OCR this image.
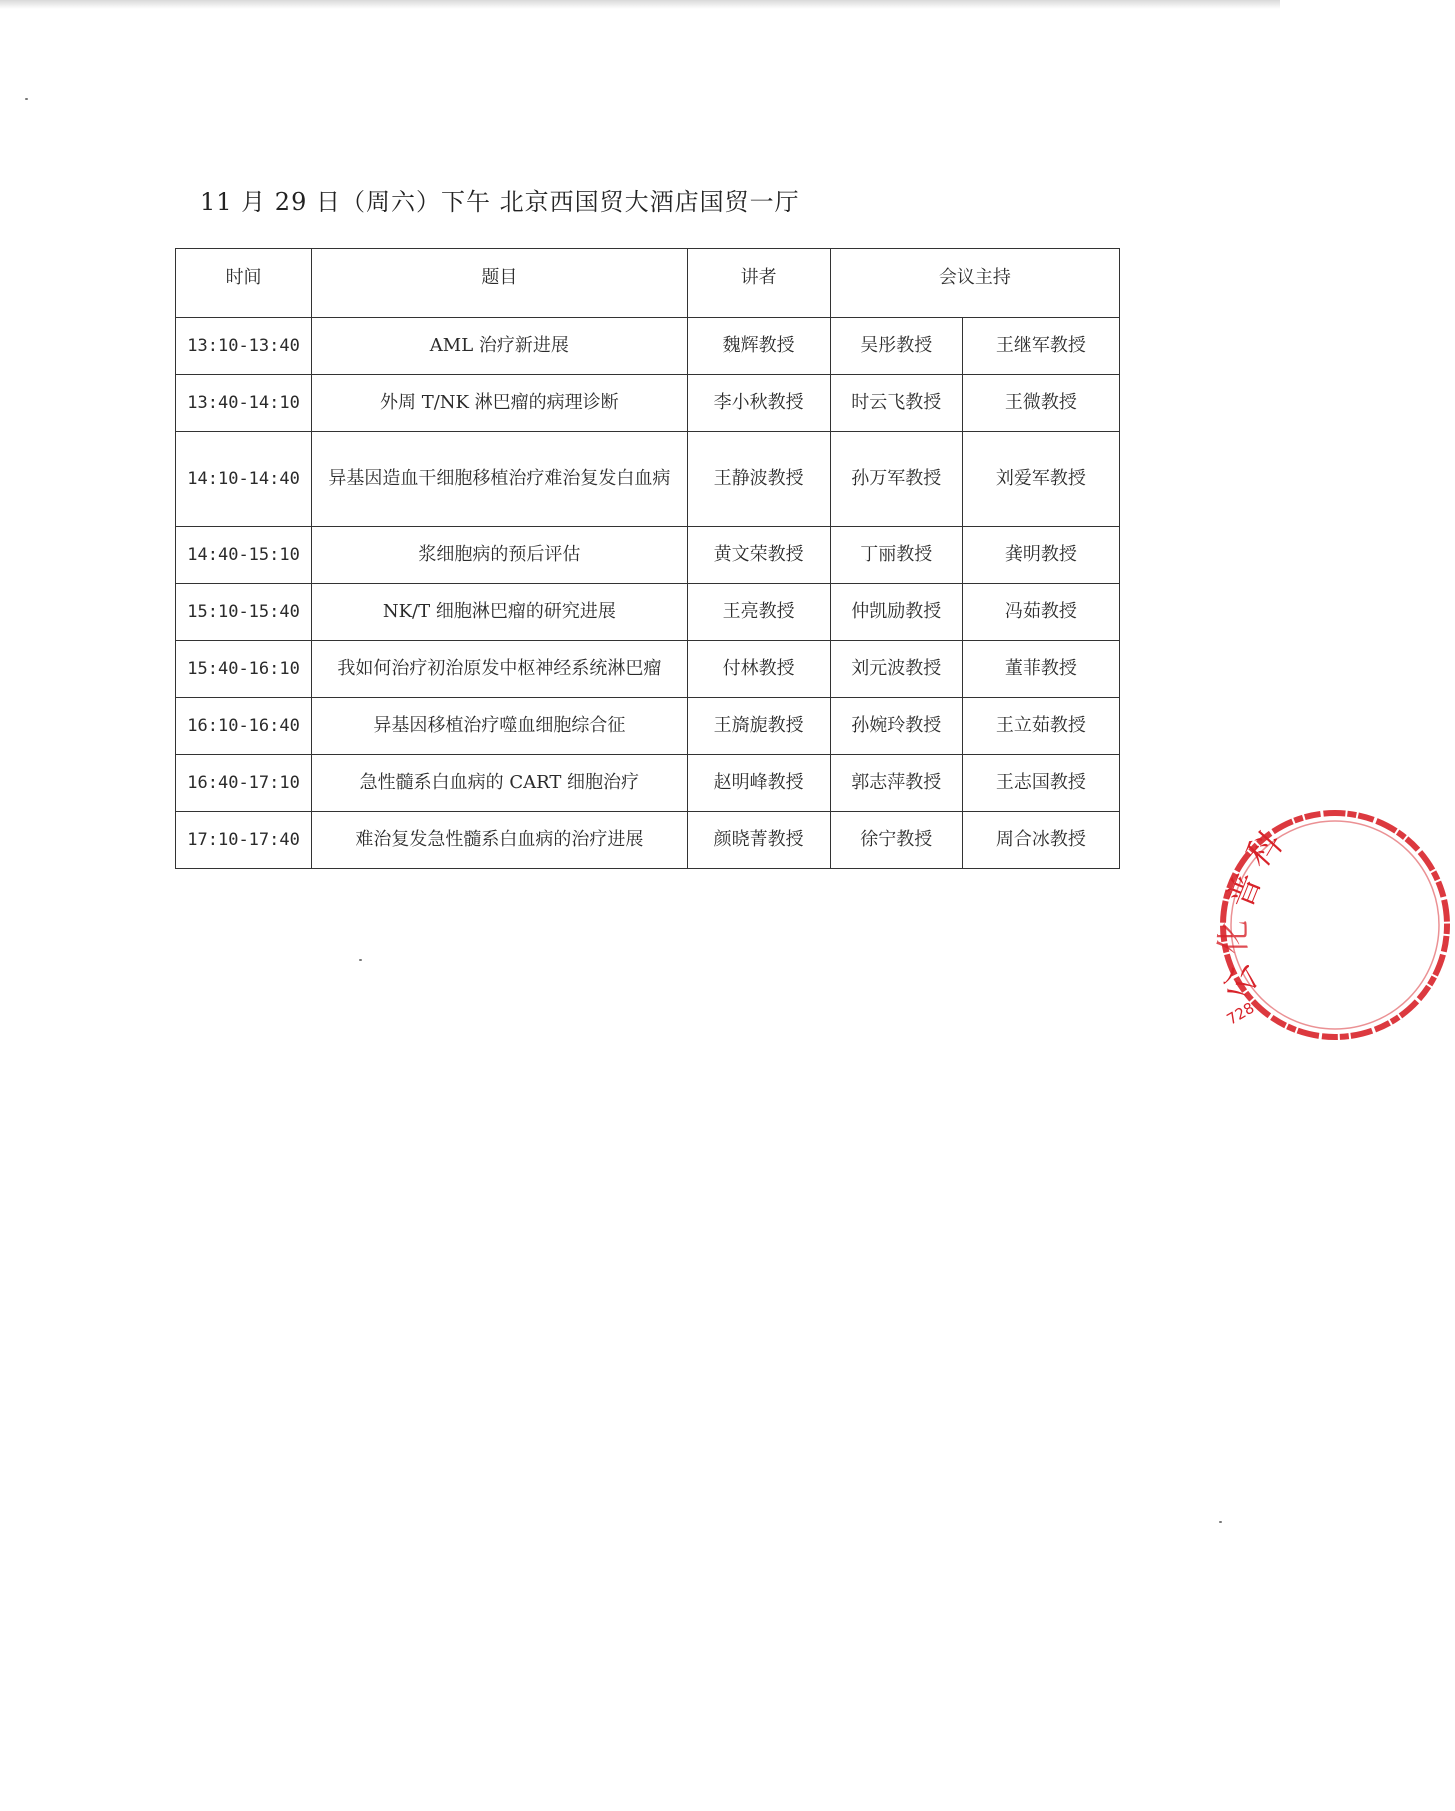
11 月 29 日（周六）下午 北京西国贸大酒店国贸一厅
时间	题目	讲者	会议主持	
13:10-13:40	AML 治疗新进展	魏辉教授	吴彤教授	王继军教授
13:40-14:10	外周 T/NK 淋巴瘤的病理诊断	李小秋教授	时云飞教授	王微教授
14:10-14:40	异基因造血干细胞移植治疗难治复发白血病	王静波教授	孙万军教授	刘爱军教授
14:40-15:10	浆细胞病的预后评估	黄文荣教授	丁丽教授	龚明教授
15:10-15:40	NK/T 细胞淋巴瘤的研究进展	王亮教授	仲凯励教授	冯茹教授
15:40-16:10	我如何治疗初治原发中枢神经系统淋巴瘤	付林教授	刘元波教授	董菲教授
16:10-16:40	异基因移植治疗噬血细胞综合征	王旖旎教授	孙婉玲教授	王立茹教授
16:40-17:10	急性髓系白血病的 CART 细胞治疗	赵明峰教授	郭志萍教授	王志国教授
17:10-17:40	难治复发急性髓系白血病的治疗进展	颜晓菁教授	徐宁教授	周合冰教授	科
普
化
公
728
